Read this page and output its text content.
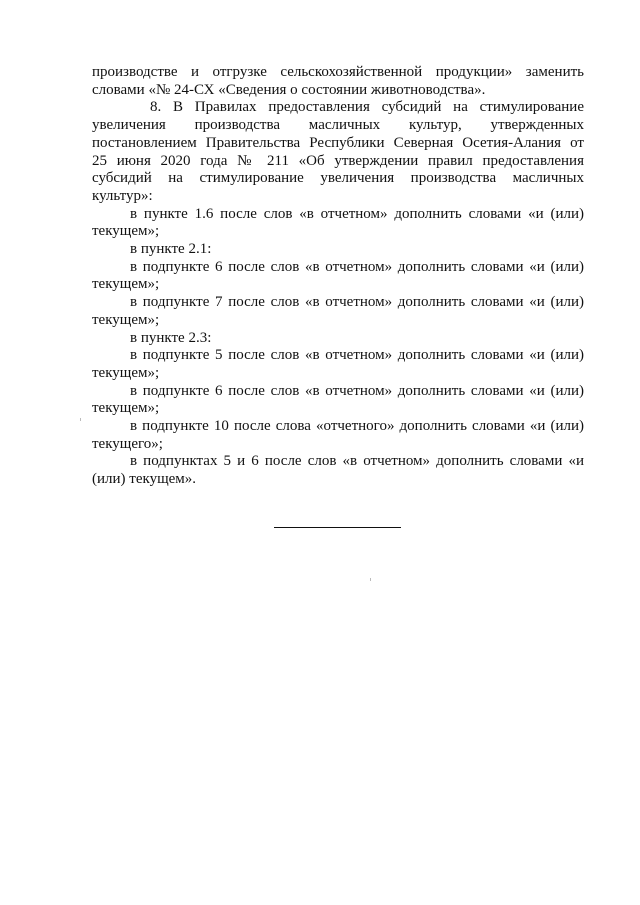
производстве и отгрузке сельскохозяйственной продукции» заменить

словами «№ 24-СХ «Сведения о состоянии животноводства».

8. В Правилах предоставления субсидий на стимулирование

увеличения производства масличных культур, утвержденных

постановлением Правительства Республики Северная Осетия-Алания от

25 июня 2020 года № 211 «Об утверждении правил предоставления

субсидий на стимулирование увеличения производства масличных

культур»:

в пункте 1.6 после слов «в отчетном» дополнить словами «и (или)

текущем»;

в пункте 2.1:

в подпункте 6 после слов «в отчетном» дополнить словами «и (или)

текущем»;

в подпункте 7 после слов «в отчетном» дополнить словами «и (или)

текущем»;

в пункте 2.3:

в подпункте 5 после слов «в отчетном» дополнить словами «и (или)

текущем»;

в подпункте 6 после слов «в отчетном» дополнить словами «и (или)

текущем»;

в подпункте 10 после слова «отчетного» дополнить словами «и (или)

текущего»;

в подпунктах 5 и 6 после слов «в отчетном» дополнить словами «и

(или) текущем».
